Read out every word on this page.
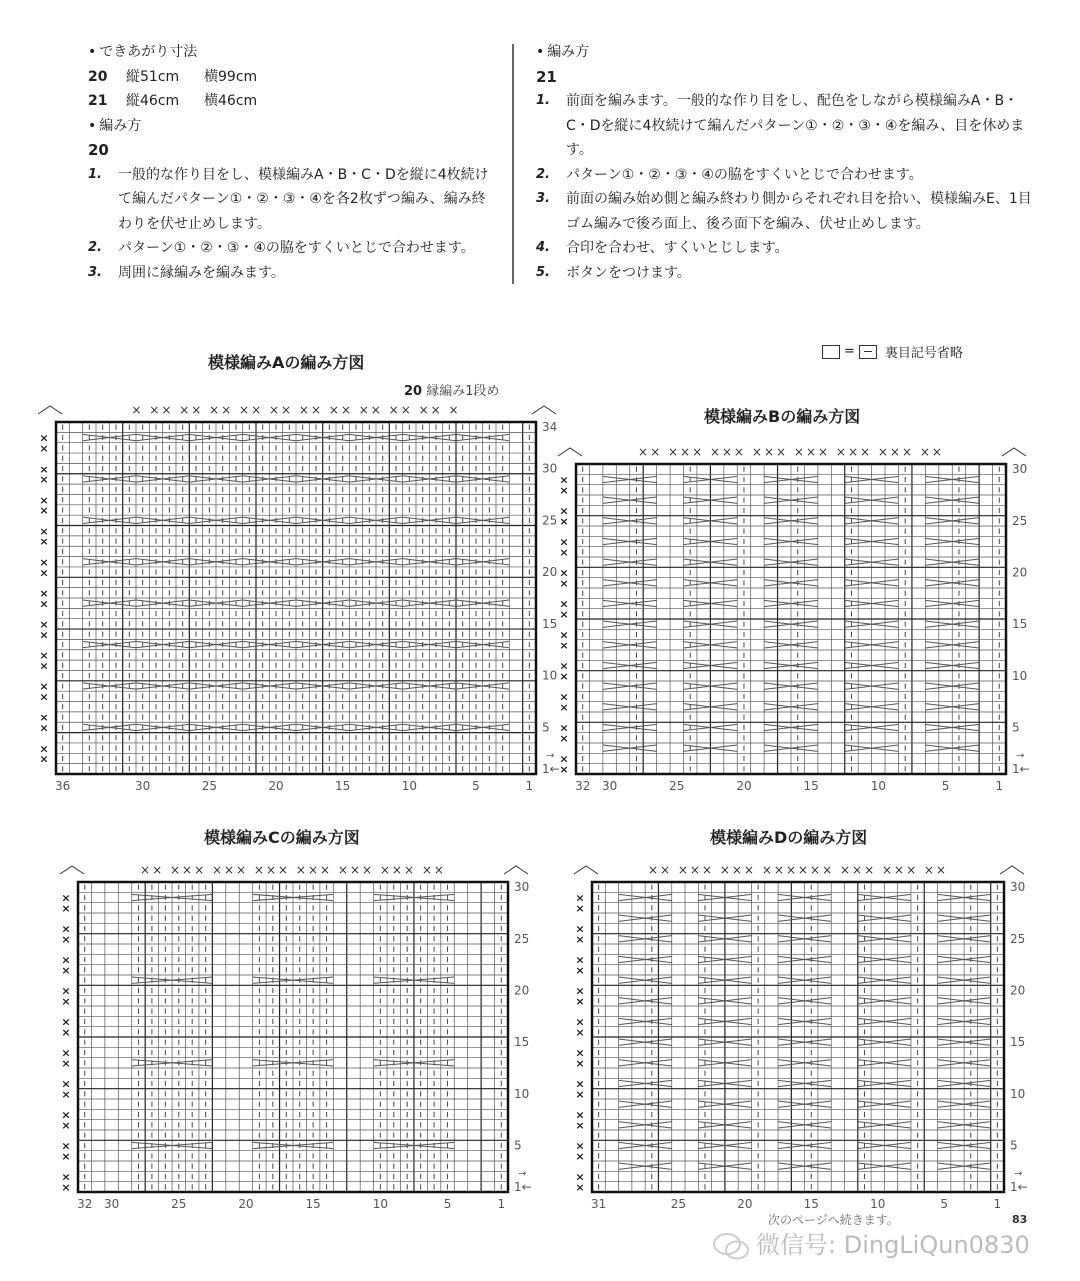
• できあがり寸法
20 縦51cm 横99cm
21 縦46cm 横46cm
• 編み方
20
1.	一般的な作り目をし、模様編みA・B・C・Dを縦に4枚続けて編んだパターン①・②・③・④を各2枚ずつ編み、編み終わりを伏せ止めします。
2.	パターン①・②・③・④の脇をすくいとじで合わせます。
3.	周囲に縁編みを編みます。
• 編み方
21
1.	前面を編みます。一般的な作り目をし、配色をしながら模様編みA・B・C・Dを縦に4枚続けて編んだパターン①・②・③・④を編み、目を休めます。
2.	パターン①・②・③・④の脇をすくいとじで合わせます。
3.	前面の編み始め側と編み終わり側からそれぞれ目を拾い、模様編みE、1目ゴム編みで後ろ面上、後ろ面下を編み、伏せ止めします。
4.	合印を合わせ、すくいとじします。
5.	ボタンをつけます。
= 裏目記号省略
模様編みAの編み方図
模様編みBの編み方図
模様編みCの編み方図	模様編みDの編み方図
20 縁編み1段め
36	30	25	20	15	10	5	1
34
30
25
20
15
10
5
1←
→
× ×× ×× ×× ×× ×× ×× ×× ×× ×× ×× ×
×
×
×
×
×
×
×
×
×
×
×
×
×
×
×
×
×
×
×
×
×
×
32 30	25	20	15	10	5	1
30
25
20
15
10
5
1←
→
×× ××× ××× ××× ××× ××× ××× ××
×
×
×
×
×
×
×
×
×
×
×
×
×
×
×
×
×
×
×
×
32 30	25	20	15	10	5	1
30
25
20
15
10
5
1←
→
×× ××× ××× ××× ××× ××× ××× ××
×
×
×
×
×
×
×
×
×
×
×
×
×
×
×
×
×
×
×
×
31	25	20	15	10	5	1
30
25
20
15
10
5
1←
→
×× ××× ××× ×××××× ××× ××× ××
×
×
×
×
×
×
×
×
×
×
×
×
×
×
×
×
×
×
×
×
次のページへ続きます。	83
微信号: DingLiQun0830
